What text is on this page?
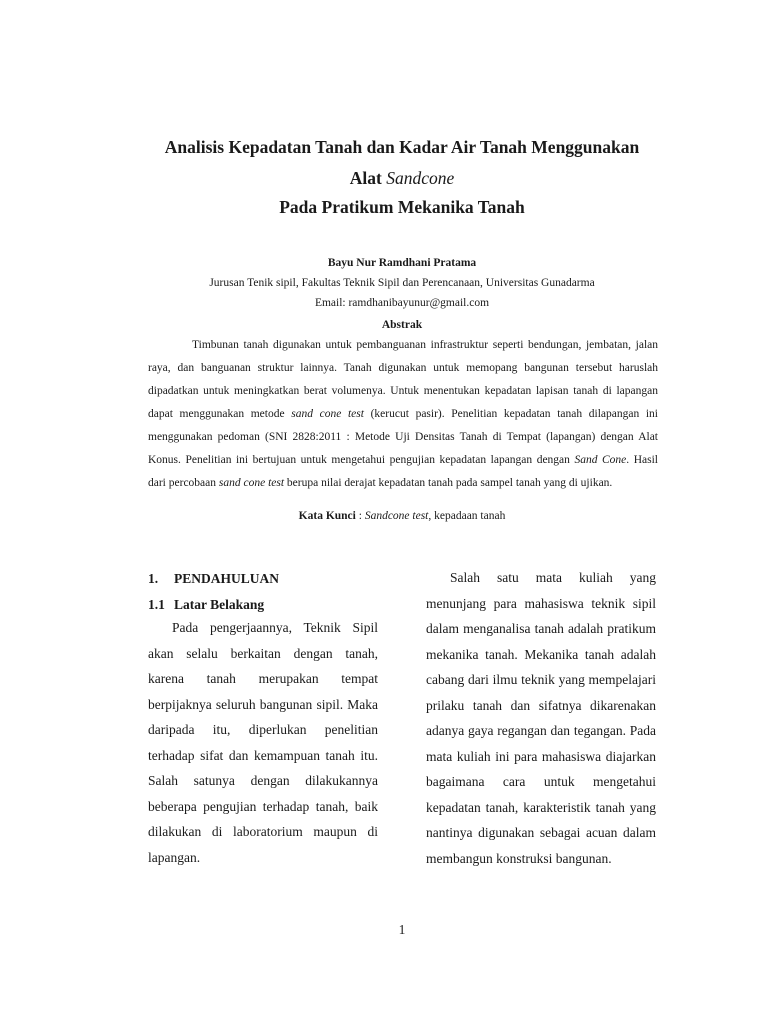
Analisis Kepadatan Tanah dan Kadar Air Tanah Menggunakan
Alat Sandcone
Pada Pratikum Mekanika Tanah
Bayu Nur Ramdhani Pratama
Jurusan Tenik sipil, Fakultas Teknik Sipil dan Perencanaan, Universitas Gunadarma
Email: ramdhanibayunur@gmail.com
Abstrak

Timbunan tanah digunakan untuk pembanguanan infrastruktur seperti bendungan, jembatan, jalan raya, dan banguanan struktur lainnya. Tanah digunakan untuk memopang bangunan tersebut haruslah dipadatkan untuk meningkatkan berat volumenya. Untuk menentukan kepadatan lapisan tanah di lapangan dapat menggunakan metode sand cone test (kerucut pasir). Penelitian kepadatan tanah dilapangan ini menggunakan pedoman (SNI 2828:2011 : Metode Uji Densitas Tanah di Tempat (lapangan) dengan Alat Konus. Penelitian ini bertujuan untuk mengetahui pengujian kepadatan lapangan dengan Sand Cone. Hasil dari percobaan sand cone test berupa nilai derajat kepadatan tanah pada sampel tanah yang di ujikan.

Kata Kunci : Sandcone test, kepadaan tanah
1. PENDAHULUAN
1.1 Latar Belakang

Pada pengerjaannya, Teknik Sipil akan selalu berkaitan dengan tanah, karena tanah merupakan tempat berpijaknya seluruh bangunan sipil. Maka daripada itu, diperlukan penelitian terhadap sifat dan kemampuan tanah itu. Salah satunya dengan dilakukannya beberapa pengujian terhadap tanah, baik dilakukan di laboratorium maupun di lapangan.

Salah satu mata kuliah yang menunjang para mahasiswa teknik sipil dalam menganalisa tanah adalah pratikum mekanika tanah. Mekanika tanah adalah cabang dari ilmu teknik yang mempelajari prilaku tanah dan sifatnya dikarenakan adanya gaya regangan dan tegangan. Pada mata kuliah ini para mahasiswa diajarkan bagaimana cara untuk mengetahui kepadatan tanah, karakteristik tanah yang nantinya digunakan sebagai acuan dalam membangun konstruksi bangunan.

1
